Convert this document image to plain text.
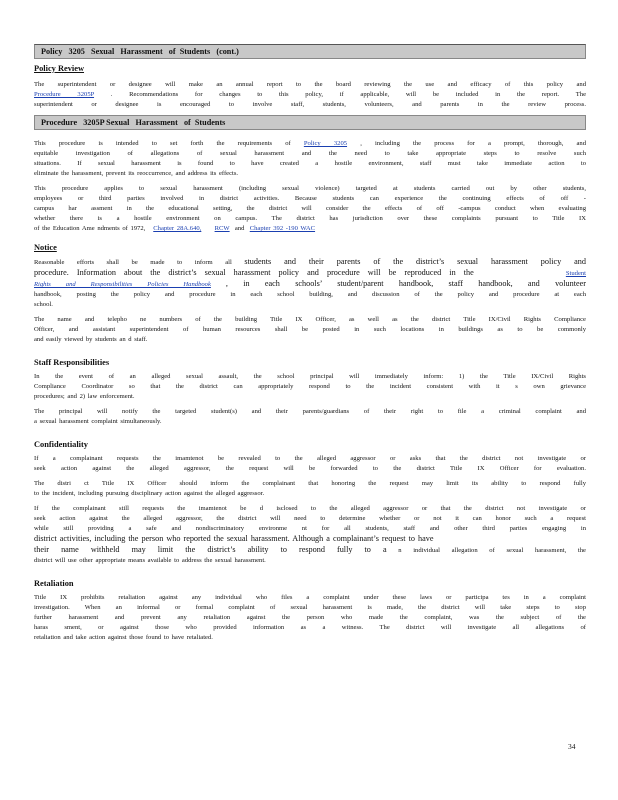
Policy   3205   Sexual   Harassment   of  Students   (cont.)
Policy Review

The superintendent or designee will make an annual report to the board reviewing the use and efficacy of this policy and

Procedure 3205P	. Recommendations for changes to this policy, if applicable, will be included in the report. The

superintendent or designee is encouraged to involve staff, students, volunteers, and parents in the review process.

Procedure   3205P Sexual   Harassment   of  Students

This procedure is intended to set forth the requirements of Policy 3205 , including the process for a prompt, thorough, and

equitable investigation of allegations of sexual harassment and the need to take appropriate steps to resolve such

situations. If sexual harassment is found to have created a hostile environment, staff must take immediate action to

eliminate the harassment, prevent its reoccurrence, and address its effects.

This procedure applies to sexual harassment (including sexual violence) targeted at students carried out by other students,

employees or third parties involved in district activities. Because students can experience the continuing effects of off -

campus har assment in the educational setting, the district will consider the effects of off -campus conduct when evaluating

whether there is a hostile environment on campus. The district has jurisdiction over these complaints pursuant to Title IX

of the Education Ame ndments of 1972, Chapter 28A.640, RCW and Chapter 392 -190 WAC

Notice

Reasonable efforts shall be made to inform all students and their parents of the district’s sexual harassment policy and

procedure. Information about the district’s sexual harassment policy and procedure will be reproduced in the	Student

Rights and Responsibilities Policies Handbook , in each schools’ student/parent handbook, staff handbook, and volunteer

handbook, posting the policy and procedure in each school building, and discussion of the policy and procedure at each

school.

The name and telepho ne numbers of the building Title IX Officer, as well as the district Title IX/Civil Rights Compliance

Officer, and assistant superintendent of human resources shall be posted in such locations in buildings as to be commonly

and easily viewed by students an d staff.

Staff Responsibilities

In the event of an alleged sexual assault, the school principal will immediately inform: 1) the Title IX/Civil Rights

Compliance Coordinator so that the district can appropriately respond to the incident consistent with it s own grievance

procedures; and 2) law enforcement.

The principal will notify the targeted student(s) and their parents/guardians of their right to file a criminal complaint and

a sexual harassment complaint simultaneously.

Confidentiality

If a complainant requests the imamtenot be revealed to the alleged aggressor or asks that the district not investigate or

seek action against the alleged aggressor, the request will be forwarded to the district Title IX Officer for evaluation.

The distri ct Title IX Officer should inform the complainant that honoring the request may limit its ability to respond fully

to the incident, including pursuing disciplinary action against the alleged aggressor.

If the complainant still requests the imamtenot be d isclosed to the alleged aggressor or that the district not investigate or

seek action against the alleged aggressor, the district will need to determine whether or not it can honor such a request

while still providing a safe and nondiscriminatory environme nt for all students, staff and other third parties engaging in

district activities, including the person who reported the sexual harassment. Although a complainant’s request to have

their name withheld may limit the district’s ability to respond fully to a n individual allegation of sexual harassment, the

district will use other appropriate means available to address the sexual harassment.

Retaliation

Title IX prohibits retaliation against any individual who files a complaint under these laws or participa tes in a complaint

investigation. When an informal or formal complaint of sexual harassment is made, the district will take steps to stop

further harassment and prevent any retaliation against the person who made the complaint, was the subject of the

haras sment, or against those who provided information as a witness. The district will investigate all allegations of

retaliation and take action against those found to have retaliated.

34
